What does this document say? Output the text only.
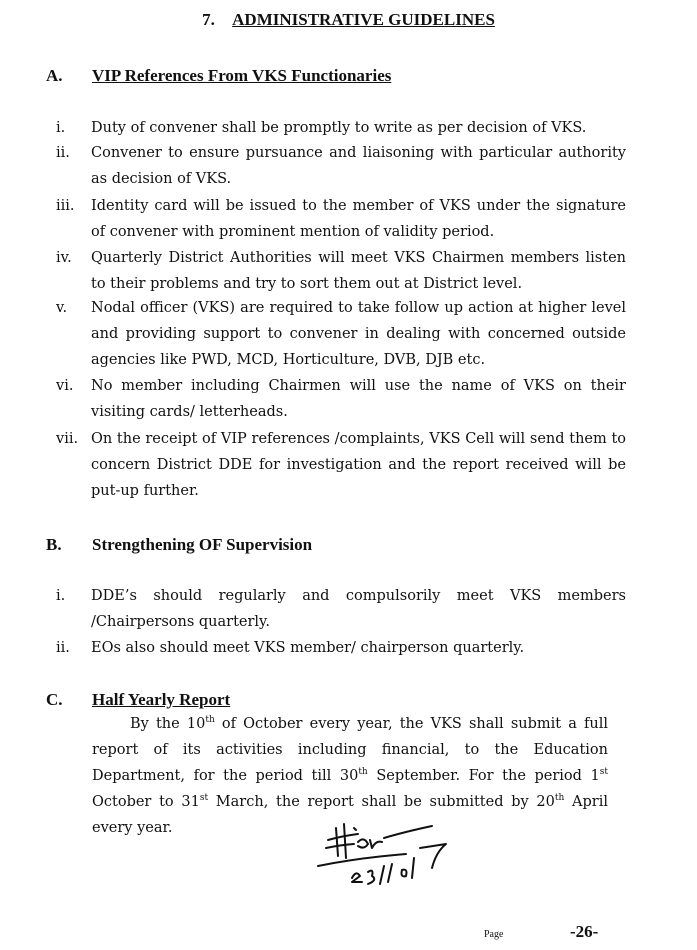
7. ADMINISTRATIVE GUIDELINES
A. VIP References From VKS Functionaries
i. Duty of convener shall be promptly to write as per decision of VKS.
ii. Convener to ensure pursuance and liaisoning with particular authority as decision of VKS.
iii. Identity card will be issued to the member of VKS under the signature of convener with prominent mention of validity period.
iv. Quarterly District Authorities will meet VKS Chairmen members listen to their problems and try to sort them out at District level.
v. Nodal officer (VKS) are required to take follow up action at higher level and providing support to convener in dealing with concerned outside agencies like PWD, MCD, Horticulture, DVB, DJB etc.
vi. No member including Chairmen will use the name of VKS on their visiting cards/ letterheads.
vii. On the receipt of VIP references /complaints, VKS Cell will send them to concern District DDE for investigation and the report received will be put-up further.
B. Strengthening OF Supervision
i. DDE’s should regularly and compulsorily meet VKS members /Chairpersons quarterly.
ii. EOs also should meet VKS member/ chairperson quarterly.
C. Half Yearly Report
By the 10th of October every year, the VKS shall submit a full report of its activities including financial, to the Education Department, for the period till 30th September. For the period 1st October to 31st March, the report shall be submitted by 20th April every year.
Page	-26-
